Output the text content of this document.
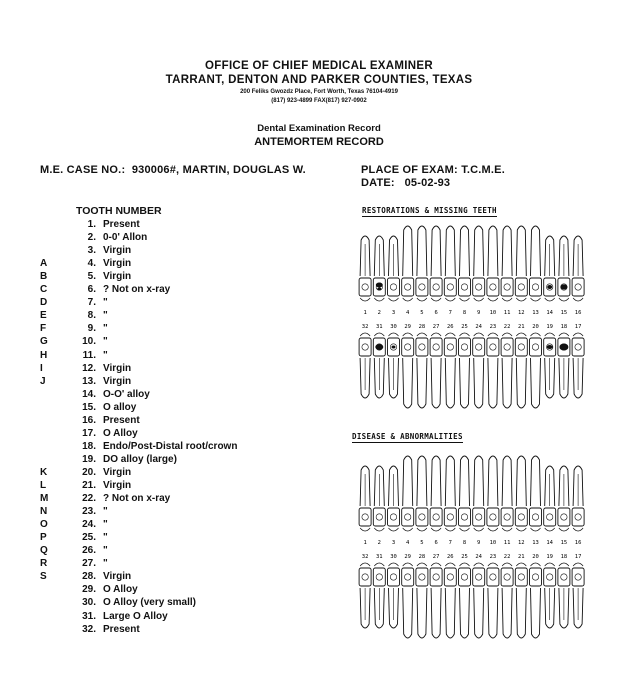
OFFICE OF CHIEF MEDICAL EXAMINER
TARRANT, DENTON AND PARKER COUNTIES, TEXAS
200 Feliks Gwozdz Place, Fort Worth, Texas 76104-4919
(817) 923-4899 FAX(817) 927-0902
Dental Examination Record
ANTEMORTEM RECORD
M.E. CASE NO.: 930006#, MARTIN, DOUGLAS W.	PLACE OF EXAM: T.C.M.E.
DATE: 05-02-93
TOOTH NUMBER
1. Present
2. 0-0' Allon
3. Virgin
A	4. Virgin
B	5. Virgin
C	6. ? Not on x-ray
D	7. "
E	8. "
F	9. "
G	10. "
H	11. "
I	12. Virgin
J	13. Virgin
14. O-O' alloy
15. O alloy
16. Present
17. O Alloy
18. Endo/Post-Distal root/crown
19. DO alloy (large)
K	20. Virgin
L	21. Virgin
M	22. ? Not on x-ray
N	23. "
O	24. "
P	25. "
Q	26. "
R	27. "
S	28. Virgin
29. O Alloy
30. O Alloy (very small)
31. Large O Alloy
32. Present
RESTORATIONS & MISSING TEETH
1 2 3 4 5 6 7 8 9 10 11 12 13 14 15 16
32 31 30 29 28 27 26 25 24 23 22 21 20 19 18 17
DISEASE & ABNORMALITIES
1 2 3 4 5 6 7 8 9 10 11 12 13 14 15 16
32 31 30 29 28 27 26 25 24 23 22 21 20 19 18 17
